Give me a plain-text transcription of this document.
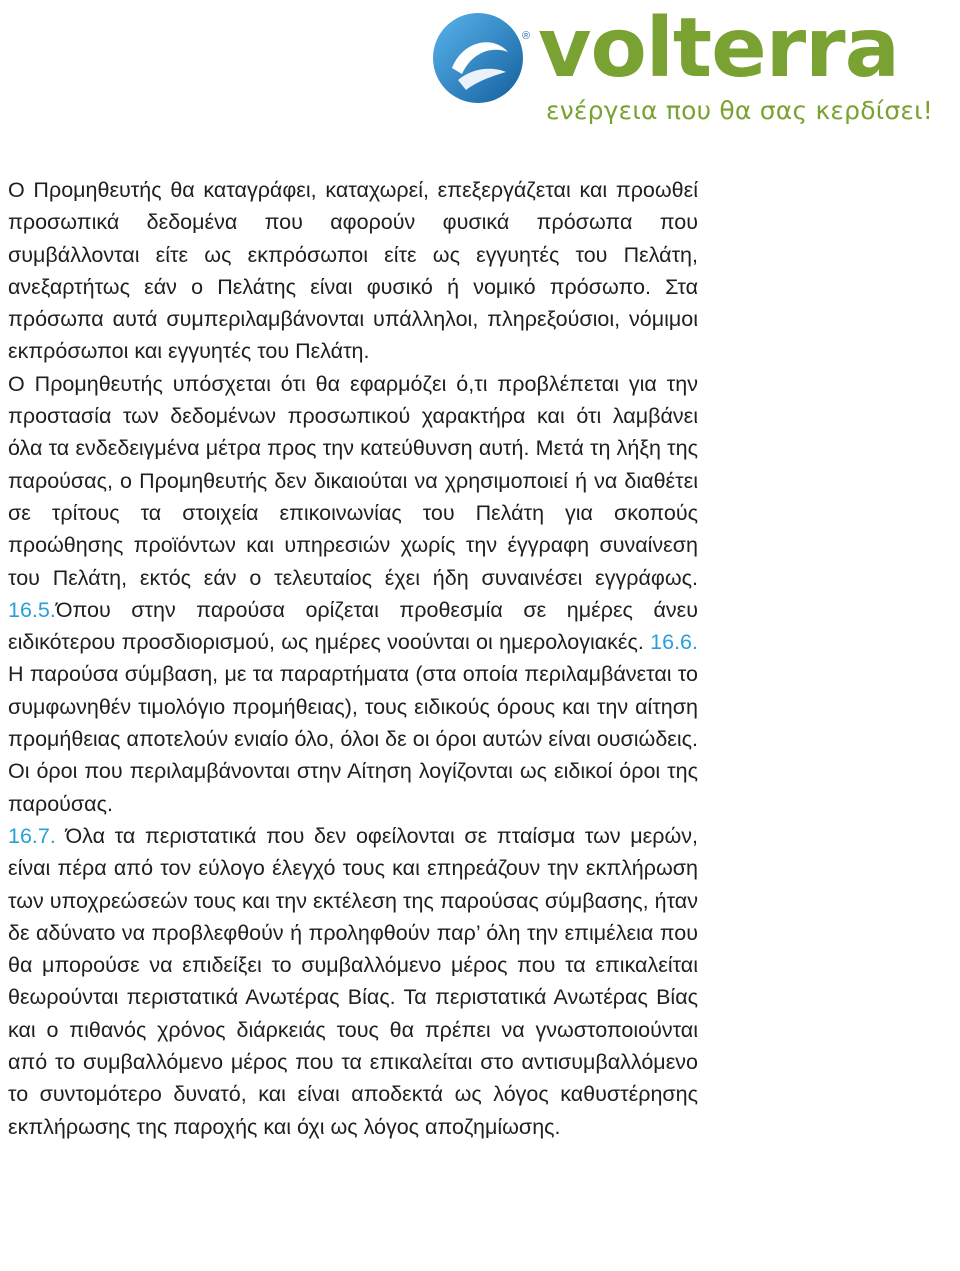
® volterra
ενέργεια που θα σας κερδίσει!

Ο Προμηθευτής θα καταγράφει, καταχωρεί, επεξεργάζεται και προωθεί προσωπικά δεδομένα που αφορούν φυσικά πρόσωπα που συμβάλλονται είτε ως εκπρόσωποι είτε ως εγγυητές του Πελάτη, ανεξαρτήτως εάν ο Πελάτης είναι φυσικό ή νομικό πρόσωπο. Στα πρόσωπα αυτά συμπεριλαμβάνονται υπάλληλοι, πληρεξούσιοι, νόμιμοι εκπρόσωποι και εγγυητές του Πελάτη.

Ο Προμηθευτής υπόσχεται ότι θα εφαρμόζει ό,τι προβλέπεται για την προστασία των δεδομένων προσωπικού χαρακτήρα και ότι λαμβάνει όλα τα ενδεδειγμένα μέτρα προς την κατεύθυνση αυτή. Μετά τη λήξη της παρούσας, ο Προμηθευτής δεν δικαιούται να χρησιμοποιεί ή να διαθέτει σε τρίτους τα στοιχεία επικοινωνίας του Πελάτη για σκοπούς προώθησης προϊόντων και υπηρεσιών χωρίς την έγγραφη συναίνεση του Πελάτη, εκτός εάν ο τελευταίος έχει ήδη συναινέσει εγγράφως. 16.5.Όπου στην παρούσα ορίζεται προθεσμία σε ημέρες άνευ ειδικότερου προσδιορισμού, ως ημέρες νοούνται οι ημερολογιακές. 16.6. Η παρούσα σύμβαση, με τα παραρτήματα (στα οποία περιλαμβάνεται το συμφωνηθέν τιμολόγιο προμήθειας), τους ειδικούς όρους και την αίτηση προμήθειας αποτελούν ενιαίο όλο, όλοι δε οι όροι αυτών είναι ουσιώδεις. Οι όροι που περιλαμβάνονται στην Αίτηση λογίζονται ως ειδικοί όροι της παρούσας.

16.7. Όλα τα περιστατικά που δεν οφείλονται σε πταίσμα των μερών, είναι πέρα από τον εύλογο έλεγχό τους και επηρεάζουν την εκπλήρωση των υποχρεώσεών τους και την εκτέλεση της παρούσας σύμβασης, ήταν δε αδύνατο να προβλεφθούν ή προληφθούν παρ’ όλη την επιμέλεια που θα μπορούσε να επιδείξει το συμβαλλόμενο μέρος που τα επικαλείται θεωρούνται περιστατικά Ανωτέρας Βίας. Τα περιστατικά Ανωτέρας Βίας και ο πιθανός χρόνος διάρκειάς τους θα πρέπει να γνωστοποιούνται από το συμβαλλόμενο μέρος που τα επικαλείται στο αντισυμβαλλόμενο το συντομότερο δυνατό, και είναι αποδεκτά ως λόγος καθυστέρησης εκπλήρωσης της παροχής και όχι ως λόγος αποζημίωσης.
